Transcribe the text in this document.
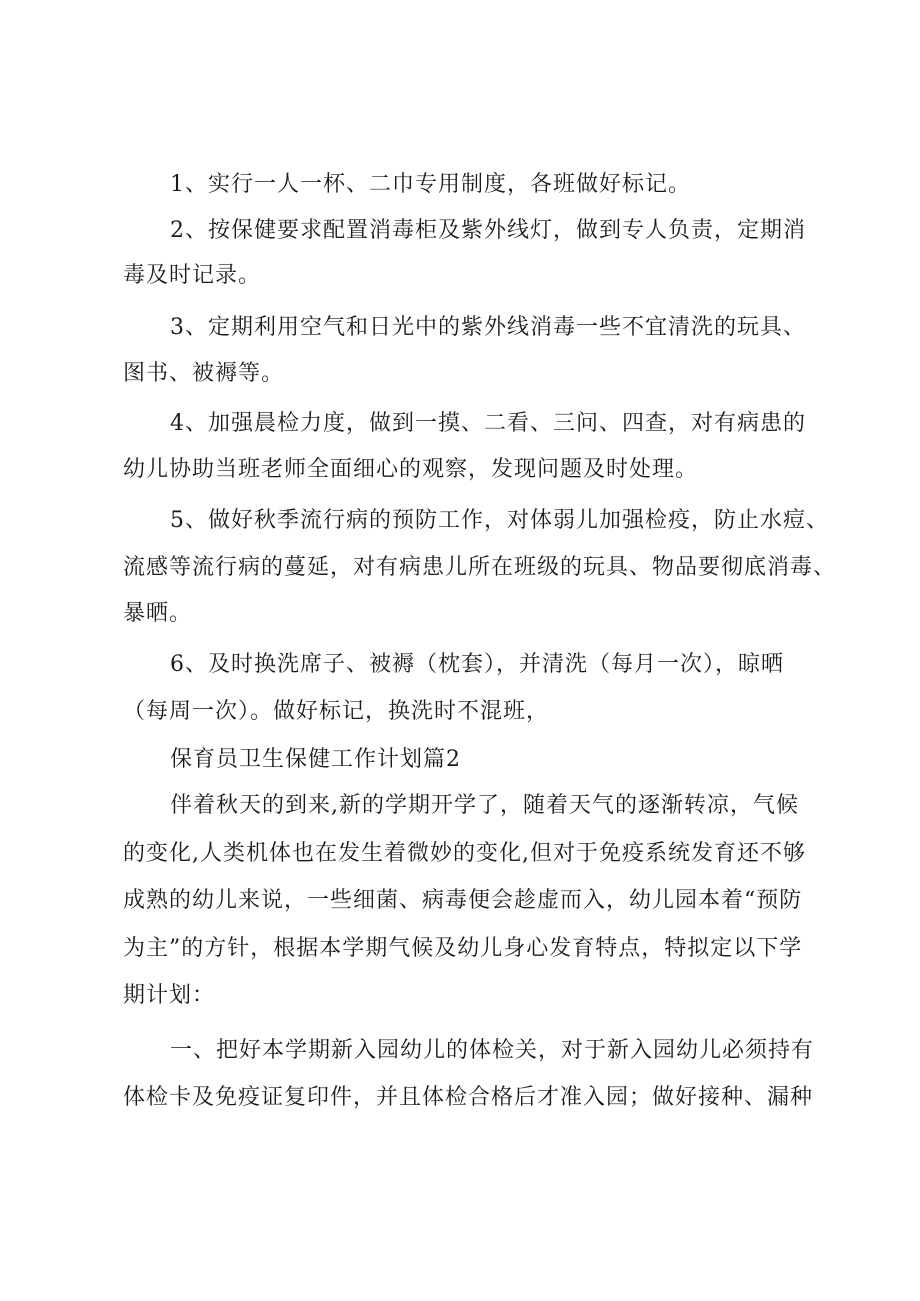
1、实行一人一杯、二巾专用制度，各班做好标记。
2、按保健要求配置消毒柜及紫外线灯，做到专人负责，定期消
毒及时记录。
3、定期利用空气和日光中的紫外线消毒一些不宜清洗的玩具、
图书、被褥等。
4、加强晨检力度，做到一摸、二看、三问、四查，对有病患的
幼儿协助当班老师全面细心的观察，发现问题及时处理。
5、做好秋季流行病的预防工作，对体弱儿加强检疫，防止水痘、
流感等流行病的蔓延，对有病患儿所在班级的玩具、物品要彻底消毒、
暴晒。
6、及时换洗席子、被褥（枕套），并清洗（每月一次），晾晒
（每周一次）。做好标记，换洗时不混班，
保育员卫生保健工作计划篇2
伴着秋天的到来,新的学期开学了，随着天气的逐渐转凉，气候
的变化,人类机体也在发生着微妙的变化,但对于免疫系统发育还不够
成熟的幼儿来说，一些细菌、病毒便会趁虚而入，幼儿园本着“预防
为主”的方针，根据本学期气候及幼儿身心发育特点，特拟定以下学
期计划：
一、把好本学期新入园幼儿的体检关，对于新入园幼儿必须持有
体检卡及免疫证复印件，并且体检合格后才准入园；做好接种、漏种
